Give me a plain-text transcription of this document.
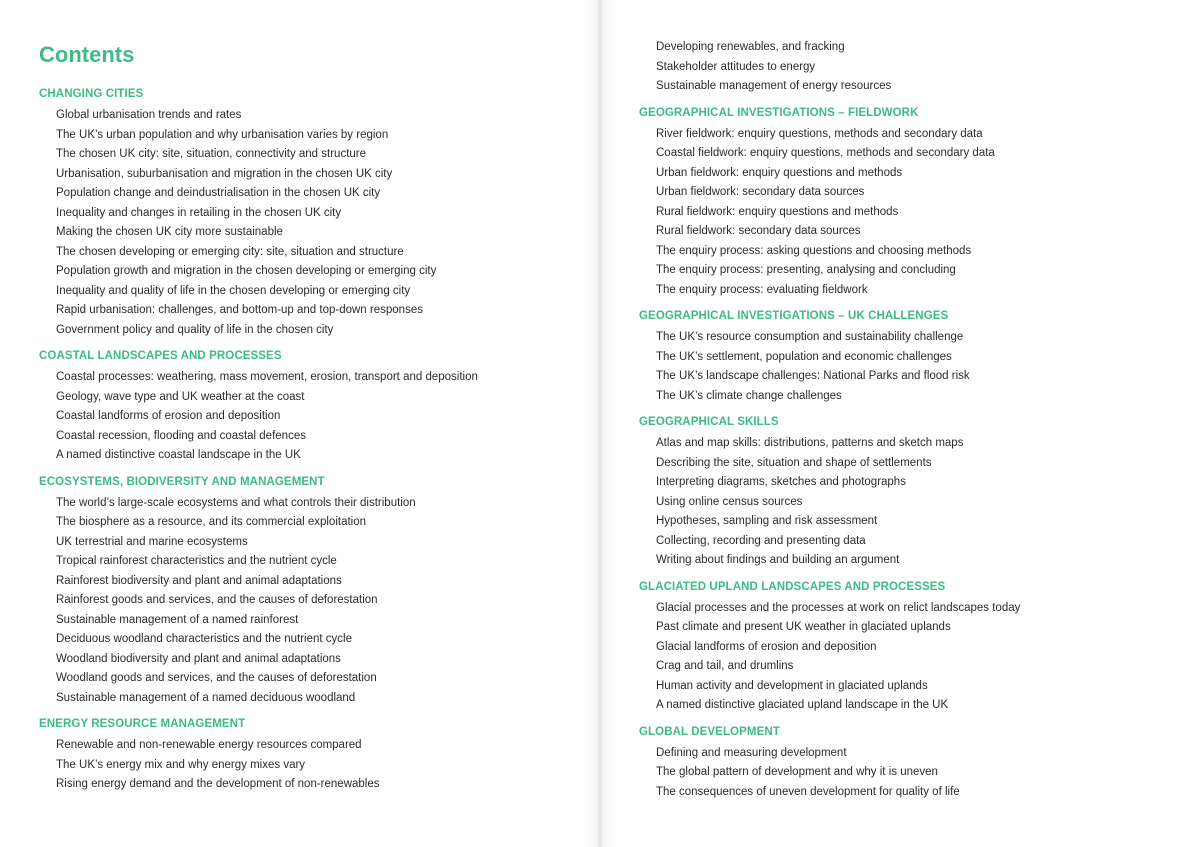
Contents
CHANGING CITIES
Global urbanisation trends and rates
The UK’s urban population and why urbanisation varies by region
The chosen UK city: site, situation, connectivity and structure
Urbanisation, suburbanisation and migration in the chosen UK city
Population change and deindustrialisation in the chosen UK city
Inequality and changes in retailing in the chosen UK city
Making the chosen UK city more sustainable
The chosen developing or emerging city: site, situation and structure
Population growth and migration in the chosen developing or emerging city
Inequality and quality of life in the chosen developing or emerging city
Rapid urbanisation: challenges, and bottom-up and top-down responses
Government policy and quality of life in the chosen city
COASTAL LANDSCAPES AND PROCESSES
Coastal processes: weathering, mass movement, erosion, transport and deposition
Geology, wave type and UK weather at the coast
Coastal landforms of erosion and deposition
Coastal recession, flooding and coastal defences
A named distinctive coastal landscape in the UK
ECOSYSTEMS, BIODIVERSITY AND MANAGEMENT
The world’s large-scale ecosystems and what controls their distribution
The biosphere as a resource, and its commercial exploitation
UK terrestrial and marine ecosystems
Tropical rainforest characteristics and the nutrient cycle
Rainforest biodiversity and plant and animal adaptations
Rainforest goods and services, and the causes of deforestation
Sustainable management of a named rainforest
Deciduous woodland characteristics and the nutrient cycle
Woodland biodiversity and plant and animal adaptations
Woodland goods and services, and the causes of deforestation
Sustainable management of a named deciduous woodland
ENERGY RESOURCE MANAGEMENT
Renewable and non-renewable energy resources compared
The UK’s energy mix and why energy mixes vary
Rising energy demand and the development of non-renewables
Developing renewables, and fracking
Stakeholder attitudes to energy
Sustainable management of energy resources
GEOGRAPHICAL INVESTIGATIONS – FIELDWORK
River fieldwork: enquiry questions, methods and secondary data
Coastal fieldwork: enquiry questions, methods and secondary data
Urban fieldwork: enquiry questions and methods
Urban fieldwork: secondary data sources
Rural fieldwork: enquiry questions and methods
Rural fieldwork: secondary data sources
The enquiry process: asking questions and choosing methods
The enquiry process: presenting, analysing and concluding
The enquiry process: evaluating fieldwork
GEOGRAPHICAL INVESTIGATIONS – UK CHALLENGES
The UK’s resource consumption and sustainability challenge
The UK’s settlement, population and economic challenges
The UK’s landscape challenges: National Parks and flood risk
The UK’s climate change challenges
GEOGRAPHICAL SKILLS
Atlas and map skills: distributions, patterns and sketch maps
Describing the site, situation and shape of settlements
Interpreting diagrams, sketches and photographs
Using online census sources
Hypotheses, sampling and risk assessment
Collecting, recording and presenting data
Writing about findings and building an argument
GLACIATED UPLAND LANDSCAPES AND PROCESSES
Glacial processes and the processes at work on relict landscapes today
Past climate and present UK weather in glaciated uplands
Glacial landforms of erosion and deposition
Crag and tail, and drumlins
Human activity and development in glaciated uplands
A named distinctive glaciated upland landscape in the UK
GLOBAL DEVELOPMENT
Defining and measuring development
The global pattern of development and why it is uneven
The consequences of uneven development for quality of life
